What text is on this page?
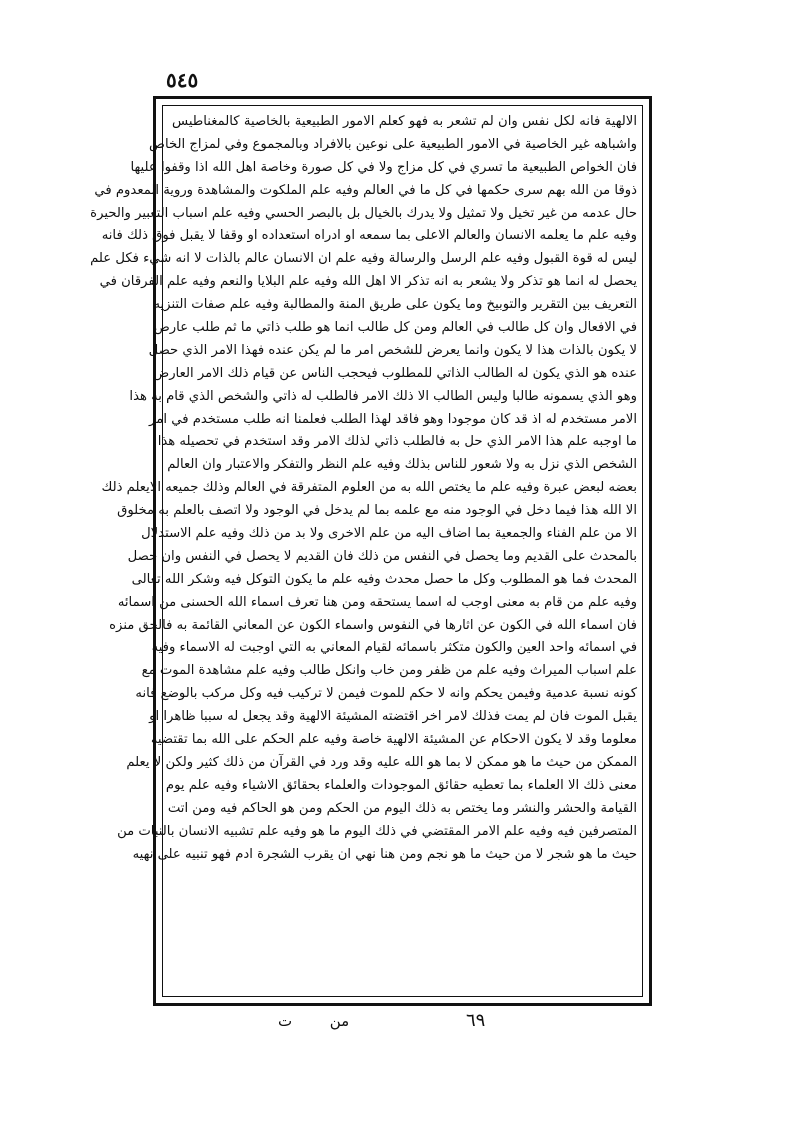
٥٤٥
الالهية فانه لكل نفس وان لم تشعر به فهو كعلم الامور الطبيعية بالخاصية كالمغناطيس
واشباهه غير الخاصية في الامور الطبيعية على نوعين بالافراد وبالمجموع وفي لمزاج الخاص
فان الخواص الطبيعية ما تسري في كل مزاج ولا في كل صورة وخاصة اهل الله اذا وقفوا عليها
ذوقا من الله بهم سرى حكمها في كل ما في العالم وفيه علم الملكوت والمشاهدة وروية المعدوم في
حال عدمه من غير تخيل ولا تمثيل ولا يدرك بالخيال بل بالبصر الحسي وفيه علم اسباب التعبير والحيرة
وفيه علم ما يعلمه الانسان والعالم الاعلى بما سمعه او ادراه استعداده او وقفا لا يقبل فوق ذلك فانه
ليس له قوة القبول وفيه علم الرسل والرسالة وفيه علم ان الانسان عالم بالذات لا انه شيء فكل علم
يحصل له انما هو تذكر ولا يشعر به انه تذكر الا اهل الله وفيه علم البلايا والنعم وفيه علم الفرقان في
التعريف بين التقرير والتوبيخ وما يكون على طريق المنة والمطالبة وفيه علم صفات التنزيه
في الافعال وان كل طالب في العالم ومن كل طالب انما هو طلب ذاتي ما ثم طلب عارض
لا يكون بالذات هذا لا يكون وانما يعرض للشخص امر ما لم يكن عنده فهذا الامر الذي حصل
عنده هو الذي يكون له الطالب الذاتي للمطلوب فيحجب الناس عن قيام ذلك الامر العارض
وهو الذي يسمونه طالبا وليس الطالب الا ذلك الامر فالطلب له ذاتي والشخص الذي قام به هذا
الامر مستخدم له اذ قد كان موجودا وهو فاقد لهذا الطلب فعلمنا انه طلب مستخدم في امر
ما اوجبه علم هذا الامر الذي حل به فالطلب ذاتي لذلك الامر وقد استخدم في تحصيله هذا
الشخص الذي نزل به ولا شعور للناس بذلك وفيه علم النظر والتفكر والاعتبار وان العالم
بعضه لبعض عبرة وفيه علم ما يختص الله به من العلوم المتفرقة في العالم وذلك جميعه الايعلم ذلك
الا الله هذا فيما دخل في الوجود منه مع علمه بما لم يدخل في الوجود ولا اتصف بالعلم به مخلوق
الا من علم الفناء والجمعية بما اضاف اليه من علم الاخرى ولا بد من ذلك وفيه علم الاستدلال
بالمحدث على القديم وما يحصل في النفس من ذلك فان القديم لا يحصل في النفس وان حصل
المحدث فما هو المطلوب وكل ما حصل محدث وفيه علم ما يكون التوكل فيه وشكر الله تعالى
وفيه علم من قام به معنى اوجب له اسما يستحقه ومن هنا تعرف اسماء الله الحسنى من اسمائه
فان اسماء الله في الكون عن اثارها في النفوس واسماء الكون عن المعاني القائمة به فالحق منزه
في اسمائه واحد العين والكون متكثر باسمائه لقيام المعاني به التي اوجبت له الاسماء وفيه
علم اسباب الميراث وفيه علم من ظفر ومن خاب وانكل طالب وفيه علم مشاهدة الموت مع
كونه نسبة عدمية وفيمن يحكم وانه لا حكم للموت فيمن لا تركيب فيه وكل مركب بالوضع فانه
يقبل الموت فان لم يمت فذلك لامر اخر اقتضته المشيئة الالهية وقد يجعل له سببا ظاهرا او
معلوما وقد لا يكون الاحكام عن المشيئة الالهية خاصة وفيه علم الحكم على الله بما تقتضيه
الممكن من حيث ما هو ممكن لا بما هو الله عليه وقد ورد في القرآن من ذلك كثير ولكن لا يعلم
معنى ذلك الا العلماء بما تعطيه حقائق الموجودات والعلماء بحقائق الاشياء وفيه علم يوم
القيامة والحشر والنشر وما يختص به ذلك اليوم من الحكم ومن هو الحاكم فيه ومن اتت
المتصرفين فيه وفيه علم الامر المقتضي في ذلك اليوم ما هو وفيه علم تشبيه الانسان بالنبات من
حيث ما هو شجر لا من حيث ما هو نجم ومن هنا نهي ان يقرب الشجرة ادم فهو تنبيه على نهيه
من  ت	٦٩
